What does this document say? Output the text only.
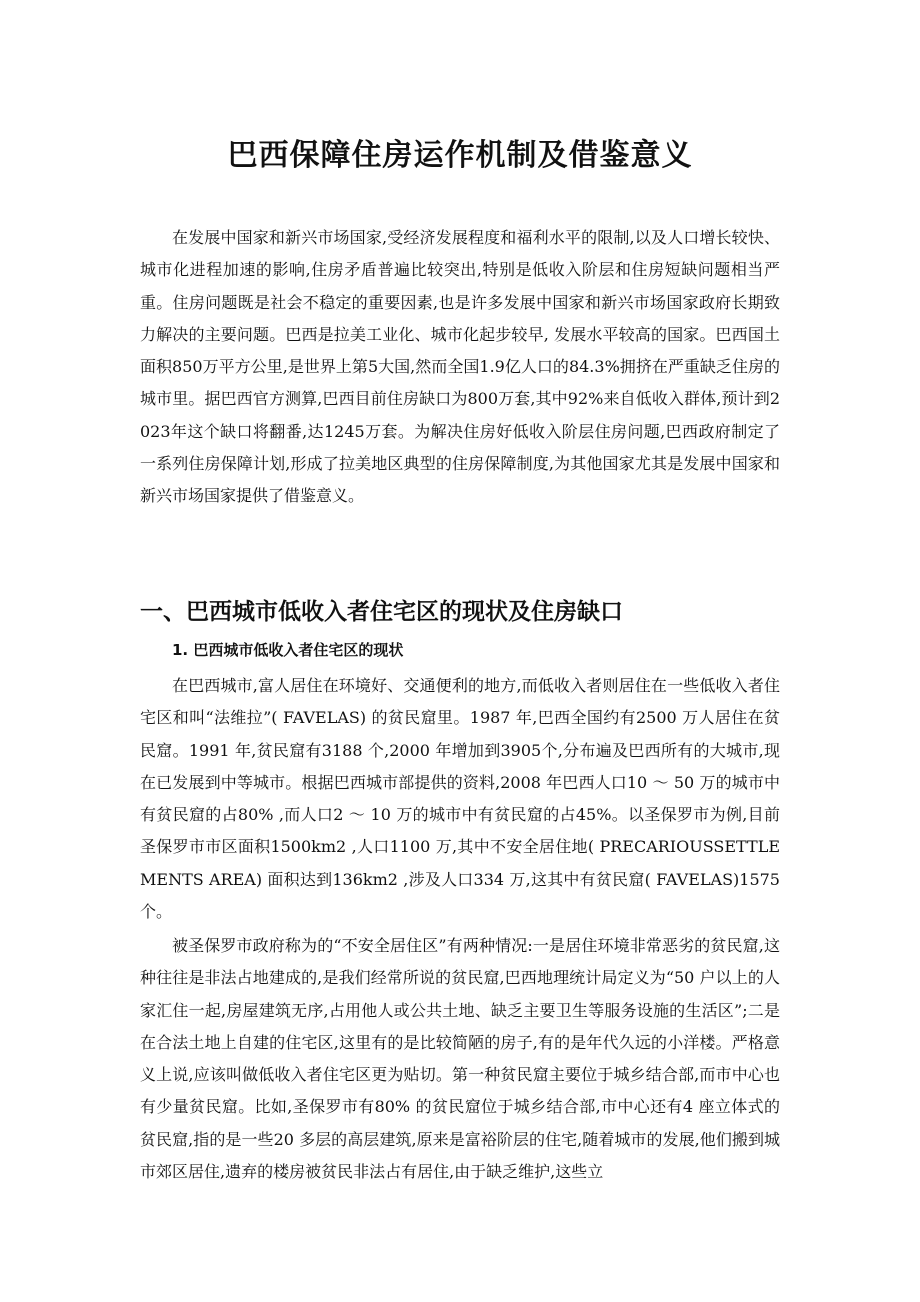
巴西保障住房运作机制及借鉴意义

在发展中国家和新兴市场国家,受经济发展程度和福利水平的限制,以及人口增长较快、城市化进程加速的影响,住房矛盾普遍比较突出,特别是低收入阶层和住房短缺问题相当严重。住房问题既是社会不稳定的重要因素,也是许多发展中国家和新兴市场国家政府长期致力解决的主要问题。巴西是拉美工业化、城市化起步较早, 发展水平较高的国家。巴西国土面积850万平方公里,是世界上第5大国,然而全国1.9亿人口的84.3%拥挤在严重缺乏住房的城市里。据巴西官方测算,巴西目前住房缺口为800万套,其中92%来自低收入群体,预计到2023年这个缺口将翻番,达1245万套。为解决住房好低收入阶层住房问题,巴西政府制定了一系列住房保障计划,形成了拉美地区典型的住房保障制度,为其他国家尤其是发展中国家和新兴市场国家提供了借鉴意义。

一、巴西城市低收入者住宅区的现状及住房缺口
1. 巴西城市低收入者住宅区的现状

在巴西城市,富人居住在环境好、交通便利的地方,而低收入者则居住在一些低收入者住宅区和叫“法维拉”( FAVELAS) 的贫民窟里。1987 年,巴西全国约有2500 万人居住在贫民窟。1991 年,贫民窟有3188 个,2000 年增加到3905个,分布遍及巴西所有的大城市,现在已发展到中等城市。根据巴西城市部提供的资料,2008 年巴西人口10 ～ 50 万的城市中有贫民窟的占80% ,而人口2 ～ 10 万的城市中有贫民窟的占45%。以圣保罗市为例,目前圣保罗市市区面积1500km2 ,人口1100 万,其中不安全居住地( PRECARIOUSSETTLEMENTS AREA) 面积达到136km2 ,涉及人口334 万,这其中有贫民窟( FAVELAS)1575 个。

被圣保罗市政府称为的“不安全居住区”有两种情况:一是居住环境非常恶劣的贫民窟,这种往往是非法占地建成的,是我们经常所说的贫民窟,巴西地理统计局定义为“50 户以上的人家汇住一起,房屋建筑无序,占用他人或公共土地、缺乏主要卫生等服务设施的生活区”;二是在合法土地上自建的住宅区,这里有的是比较简陋的房子,有的是年代久远的小洋楼。严格意义上说,应该叫做低收入者住宅区更为贴切。第一种贫民窟主要位于城乡结合部,而市中心也有少量贫民窟。比如,圣保罗市有80% 的贫民窟位于城乡结合部,市中心还有4 座立体式的贫民窟,指的是一些20 多层的高层建筑,原来是富裕阶层的住宅,随着城市的发展,他们搬到城市郊区居住,遗弃的楼房被贫民非法占有居住,由于缺乏维护,这些立
